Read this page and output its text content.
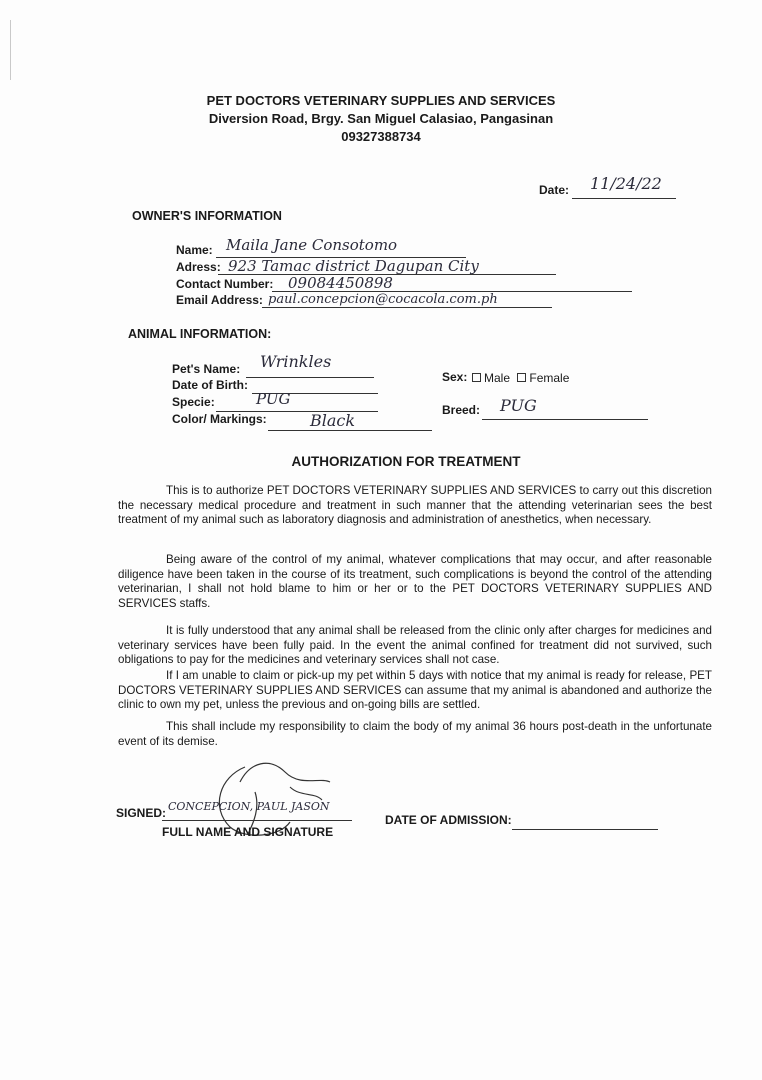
PET DOCTORS VETERINARY SUPPLIES AND SERVICES
Diversion Road, Brgy. San Miguel Calasiao, Pangasinan
09327388734
Date: 11/24/22
OWNER'S INFORMATION
Name: Maila Jane Consotomo
Adress: 923 Tamac district Dagupan City
Contact Number: 09084450898
Email Address: paul.concepcion@cocacola.com.ph
ANIMAL INFORMATION:
Pet's Name: Wrinkles
Date of Birth:
Specie:	PUG
Color/ Markings:	Black
Sex:	Male Female
Breed: PUG
AUTHORIZATION FOR TREATMENT
This is to authorize PET DOCTORS VETERINARY SUPPLIES AND SERVICES to carry out this discretion the necessary medical procedure and treatment in such manner that the attending veterinarian sees the best treatment of my animal such as laboratory diagnosis and administration of anesthetics, when necessary.
Being aware of the control of my animal, whatever complications that may occur, and after reasonable diligence have been taken in the course of its treatment, such complications is beyond the control of the attending veterinarian, I shall not hold blame to him or her or to the PET DOCTORS VETERINARY SUPPLIES AND SERVICES staffs.
It is fully understood that any animal shall be released from the clinic only after charges for medicines and veterinary services have been fully paid. In the event the animal confined for treatment did not survived, such obligations to pay for the medicines and veterinary services shall not case.
If I am unable to claim or pick-up my pet within 5 days with notice that my animal is ready for release, PET DOCTORS VETERINARY SUPPLIES AND SERVICES can assume that my animal is abandoned and authorize the clinic to own my pet, unless the previous and on-going bills are settled.
This shall include my responsibility to claim the body of my animal 36 hours post-death in the unfortunate event of its demise.
SIGNED: CONCEPCION, PAUL JASON
FULL NAME AND SIGNATURE
DATE OF ADMISSION:
